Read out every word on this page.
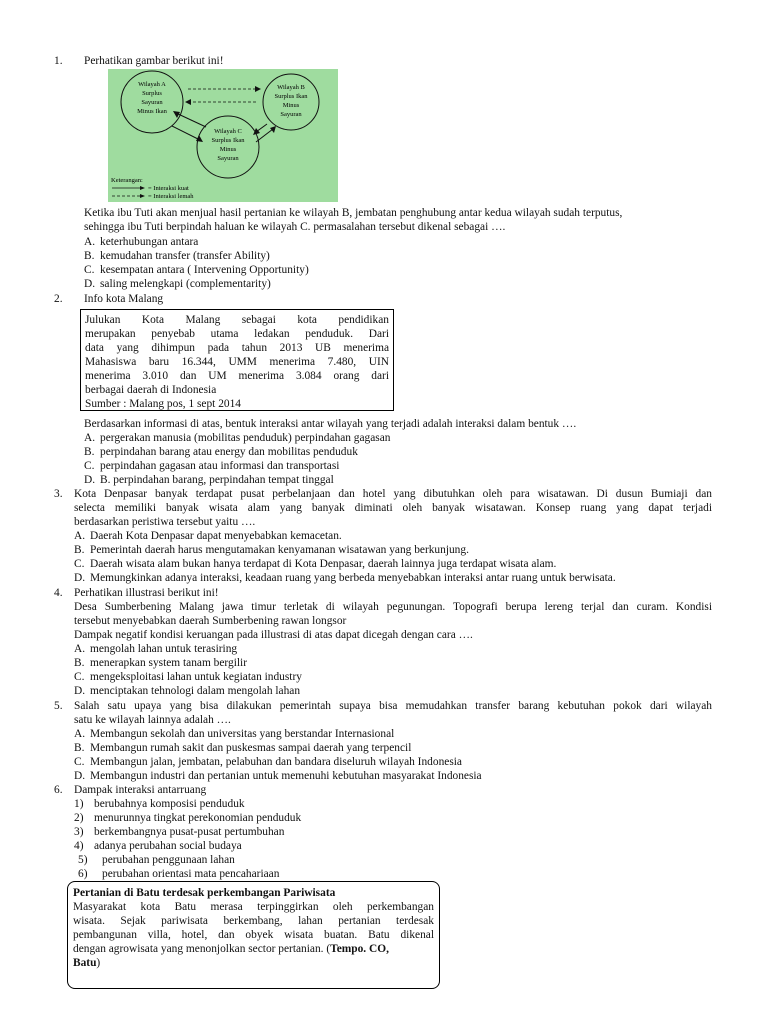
1. Perhatikan gambar berikut ini!
Wilayah A
Surplus
Sayuran
Minus Ikan
Wilayah B
Surplus Ikan
Minus
Sayuran
Wilayah C
Surplus Ikan
Minus
Sayuran
Keterangan:
= Interaksi kuat
= Interaksi lemah
Ketika ibu Tuti akan menjual hasil pertanian ke wilayah B, jembatan penghubung antar kedua wilayah sudah terputus,
sehingga ibu Tuti berpindah haluan ke wilayah C. permasalahan tersebut dikenal sebagai ….
A. keterhubungan antara
B. kemudahan transfer (transfer Ability)
C. kesempatan antara ( Intervening Opportunity)
D. saling melengkapi (complementarity)
2. Info kota Malang
Julukan Kota Malang sebagai kota pendidikan
merupakan penyebab utama ledakan penduduk. Dari
data yang dihimpun pada tahun 2013 UB menerima
Mahasiswa baru 16.344, UMM menerima 7.480, UIN
menerima 3.010 dan UM menerima 3.084 orang dari
berbagai daerah di Indonesia
Sumber : Malang pos, 1 sept 2014
Berdasarkan informasi di atas, bentuk interaksi antar wilayah yang terjadi adalah interaksi dalam bentuk ….
A. pergerakan manusia (mobilitas penduduk) perpindahan gagasan
B. perpindahan barang atau energy dan mobilitas penduduk
C. perpindahan gagasan atau informasi dan transportasi
D. B. perpindahan barang, perpindahan tempat tinggal
3. Kota Denpasar banyak terdapat pusat perbelanjaan dan hotel yang dibutuhkan oleh para wisatawan. Di dusun Bumiaji dan
selecta memiliki banyak wisata alam yang banyak diminati oleh banyak wisatawan. Konsep ruang yang dapat terjadi
berdasarkan peristiwa tersebut yaitu ….
A. Daerah Kota Denpasar dapat menyebabkan kemacetan.
B. Pemerintah daerah harus mengutamakan kenyamanan wisatawan yang berkunjung.
C. Daerah wisata alam bukan hanya terdapat di Kota Denpasar, daerah lainnya juga terdapat wisata alam.
D. Memungkinkan adanya interaksi, keadaan ruang yang berbeda menyebabkan interaksi antar ruang untuk berwisata.
4. Perhatikan illustrasi berikut ini!
Desa Sumberbening Malang jawa timur terletak di wilayah pegunungan. Topografi berupa lereng terjal dan curam. Kondisi
tersebut menyebabkan daerah Sumberbening rawan longsor
Dampak negatif kondisi keruangan pada illustrasi di atas dapat dicegah dengan cara ….
A. mengolah lahan untuk terasiring
B. menerapkan system tanam bergilir
C. mengeksploitasi lahan untuk kegiatan industry
D. menciptakan tehnologi dalam mengolah lahan
5. Salah satu upaya yang bisa dilakukan pemerintah supaya bisa memudahkan transfer barang kebutuhan pokok dari wilayah
satu ke wilayah lainnya adalah ….
A. Membangun sekolah dan universitas yang berstandar Internasional
B. Membangun rumah sakit dan puskesmas sampai daerah yang terpencil
C. Membangun jalan, jembatan, pelabuhan dan bandara diseluruh wilayah Indonesia
D. Membangun industri dan pertanian untuk memenuhi kebutuhan masyarakat Indonesia
6. Dampak interaksi antarruang
1) berubahnya komposisi penduduk
2) menurunnya tingkat perekonomian penduduk
3) berkembangnya pusat-pusat pertumbuhan
4) adanya perubahan social budaya
5) perubahan penggunaan lahan
6) perubahan orientasi mata pencahariaan
Pertanian di Batu terdesak perkembangan Pariwisata
Masyarakat kota Batu merasa terpinggirkan oleh perkembangan
wisata. Sejak pariwisata berkembang, lahan pertanian terdesak
pembangunan villa, hotel, dan obyek wisata buatan. Batu dikenal
dengan agrowisata yang menonjolkan sector pertanian. (Tempo. CO,
Batu)
